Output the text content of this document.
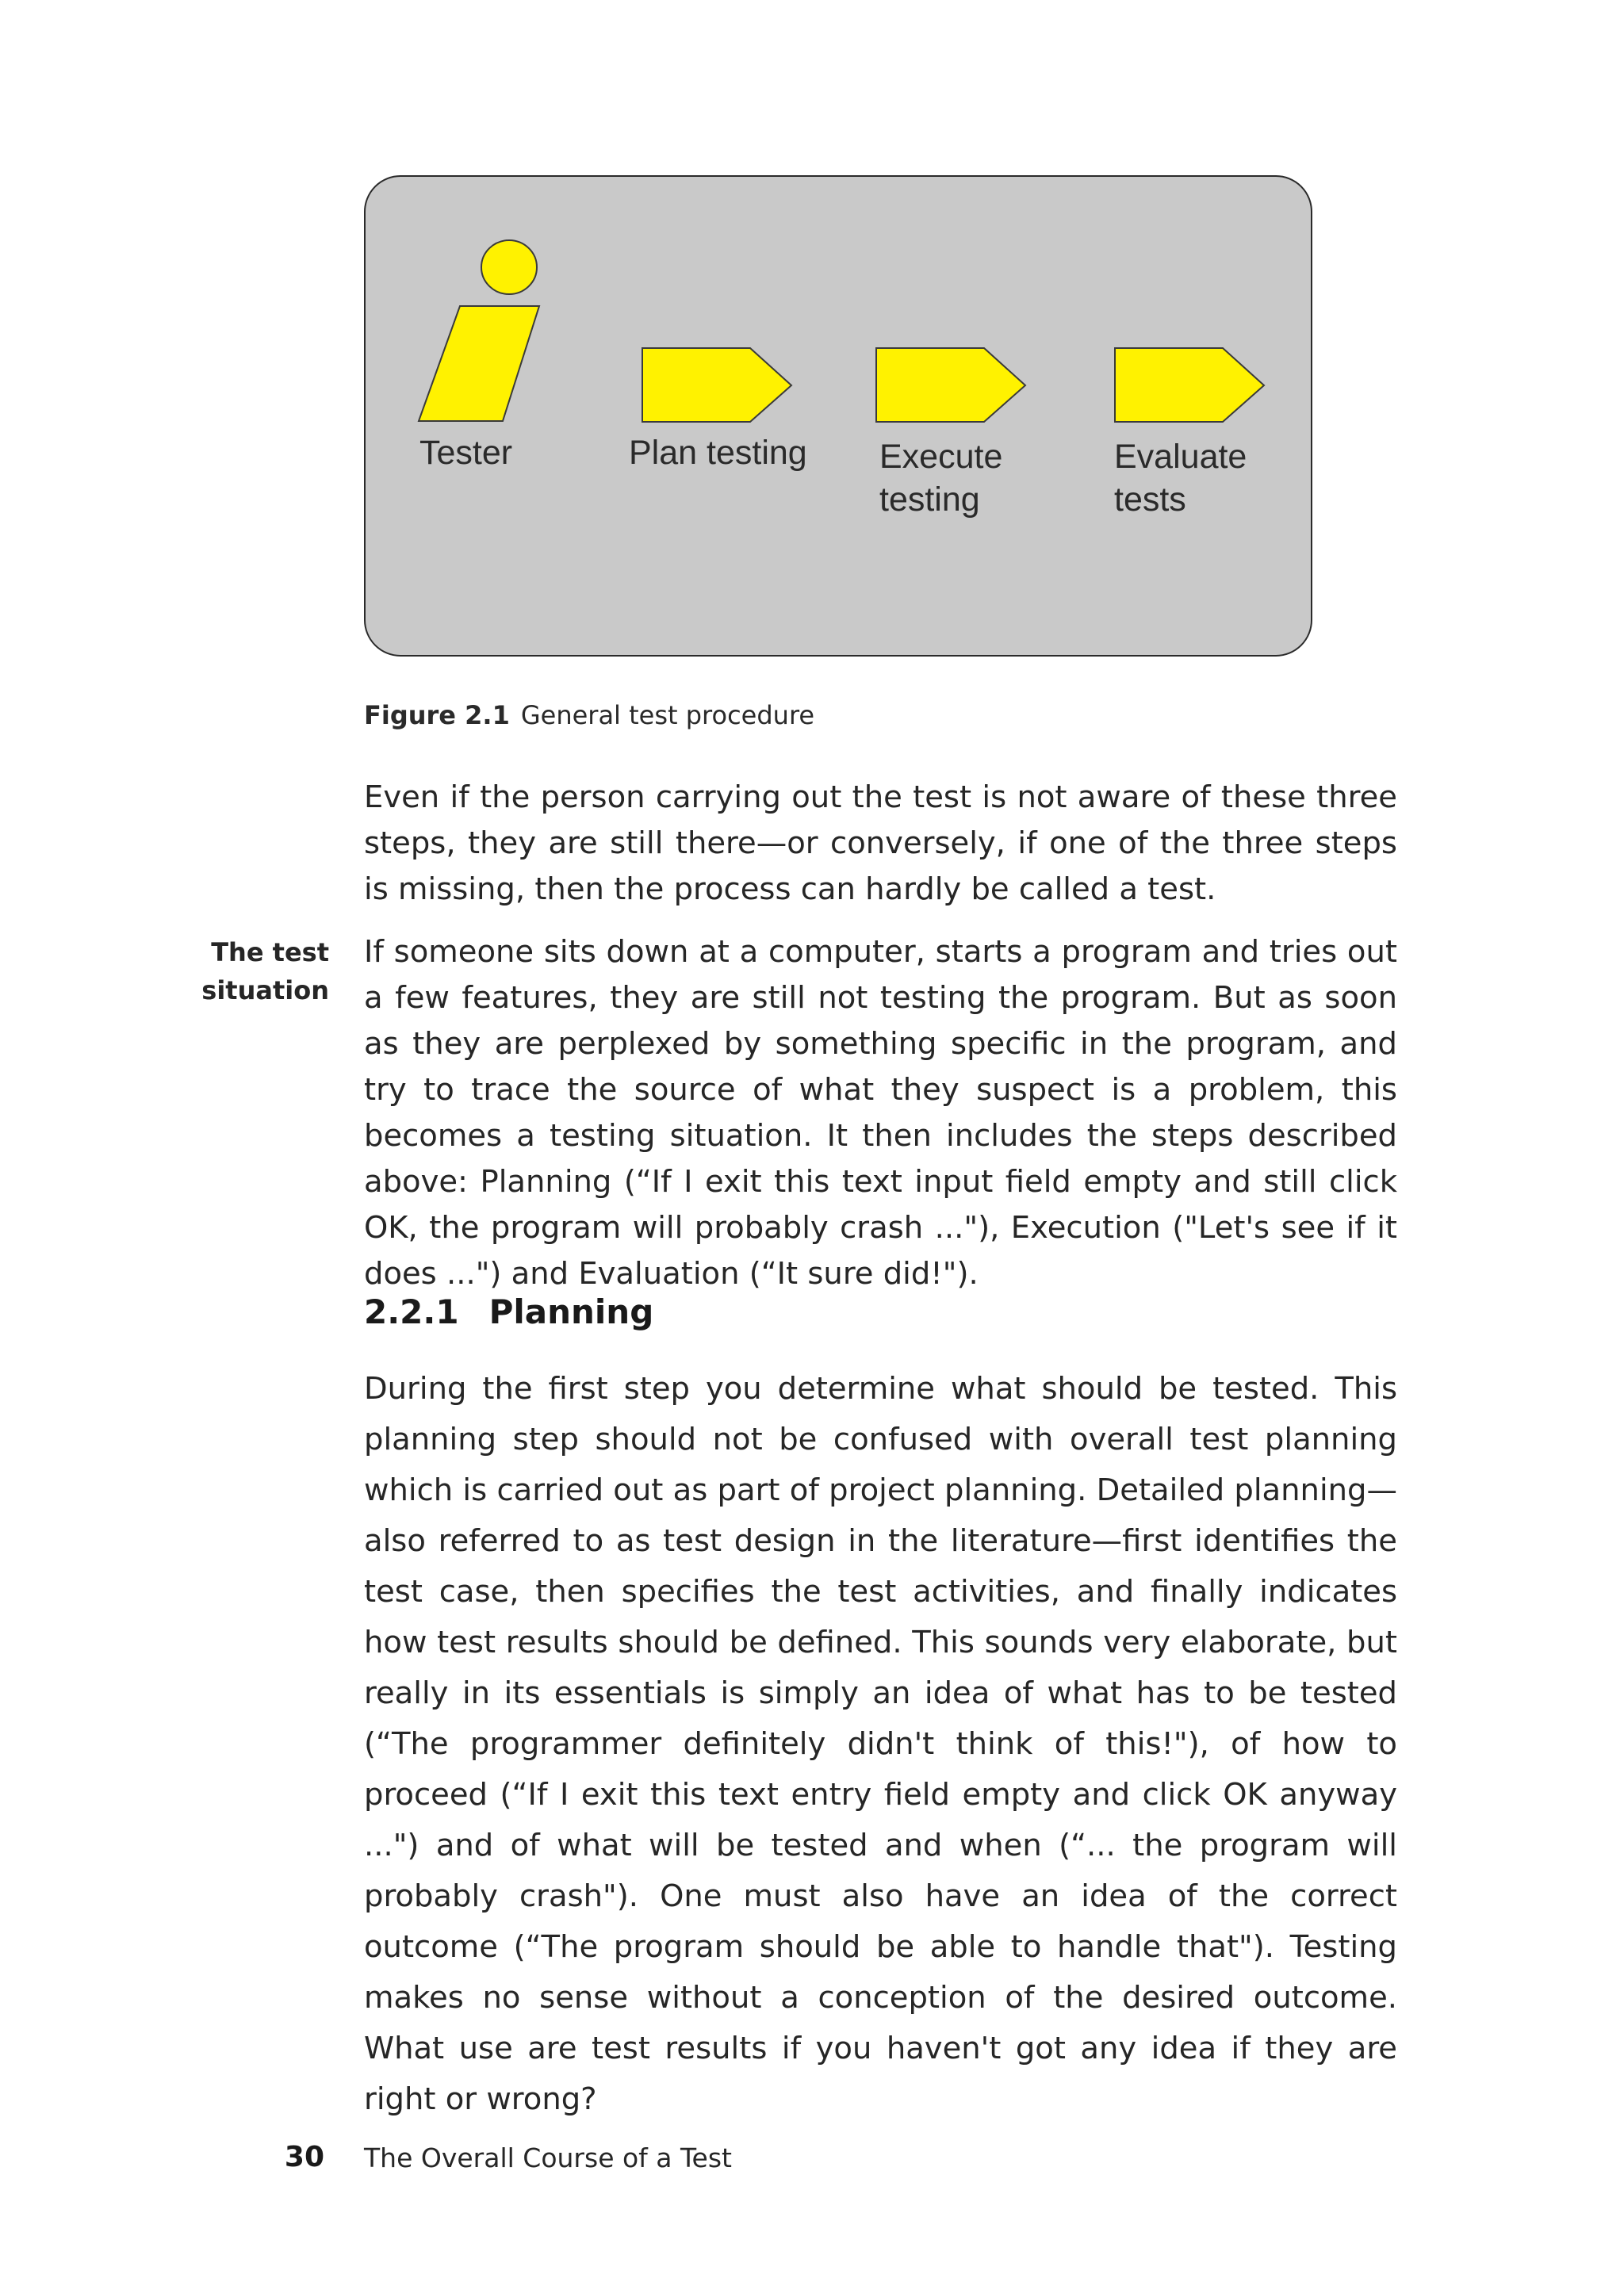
Tester	Plan testing Execute
testing
Evaluate
tests
Figure 2.1 General test procedure

Even if the person carrying out the test is not aware of these three steps, they are still there—or conversely, if one of the three steps is missing, then the process can hardly be called a test.

The test situation

If someone sits down at a computer, starts a program and tries out a few features, they are still not testing the program. But as soon as they are perplexed by something specific in the program, and try to trace the source of what they suspect is a problem, this becomes a testing situation. It then includes the steps described above: Planning (“If I exit this text input field empty and still click OK, the program will probably crash ..."), Execution ("Let's see if it does ...") and Evaluation (“It sure did!").

2.2.1 Planning

During the first step you determine what should be tested. This planning step should not be confused with overall test planning which is carried out as part of project planning. Detailed planning—also referred to as test design in the literature—first identifies the test case, then specifies the test activities, and finally indicates how test results should be defined. This sounds very elaborate, but really in its essentials is simply an idea of what has to be tested (“The programmer definitely didn't think of this!"), of how to proceed (“If I exit this text entry field empty and click OK anyway ...") and of what will be tested and when (“... the program will probably crash"). One must also have an idea of the correct outcome (“The program should be able to handle that"). Testing makes no sense without a conception of the desired outcome. What use are test results if you haven't got any idea if they are right or wrong?

30 The Overall Course of a Test
